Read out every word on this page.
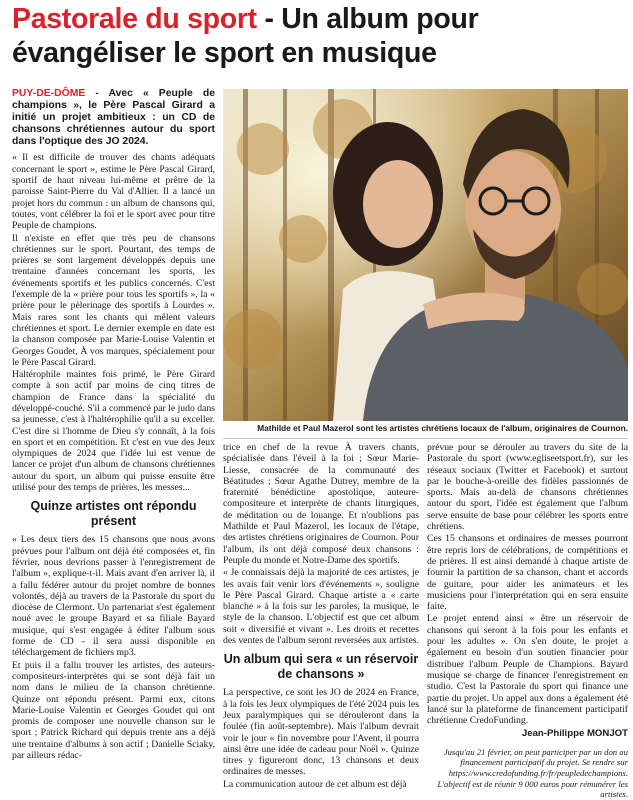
Pastorale du sport - Un album pour évangéliser le sport en musique
PUY-DE-DÔME - Avec « Peuple de champions », le Père Pascal Girard a initié un projet ambitieux : un CD de chansons chrétiennes autour du sport dans l'optique des JO 2024.

« Il est difficile de trouver des chants adéquats concernant le sport », estime le Père Pascal Girard, sportif de haut niveau lui-même et prêtre de la paroisse Saint-Pierre du Val d'Allier. Il a lancé un projet hors du commun : un album de chansons qui, toutes, vont célébrer la foi et le sport avec pour titre Peuple de champions.

Il n'existe en effet que très peu de chansons chrétiennes sur le sport. Pourtant, des temps de prières se sont largement développés depuis une trentaine d'années concernant les sports, les événements sportifs et les publics concernés. C'est l'exemple de la « prière pour tous les sportifs », la « prière pour le pèlerinage des sportifs à Lourdes ». Mais rares sont les chants qui mêlent valeurs chrétiennes et sport. Le dernier exemple en date est la chanson composée par Marie-Louise Valentin et Georges Goudet, À vos marques, spécialement pour le Père Pascal Girard.

Haltérophile maintes fois primé, le Père Girard compte à son actif par moins de cinq titres de champion de France dans la spécialité du développé-couché. S'il a commencé par le judo dans sa jeunesse, c'est à l'haltérophilie qu'il a su exceller. C'est dire si l'homme de Dieu s'y connaît, à la fois en sport et en compétition. Et c'est en vue des Jeux olympiques de 2024 que l'idée lui est venue de lancer ce projet d'un album de chansons chrétiennes autour du sport, un album qui puisse ensuite être utilisé pour des temps de prières, les messes...

Quinze artistes ont répondu présent

« Les deux tiers des 15 chansons que nous avons prévues pour l'album ont déjà été composées et, fin février, nous devrions passer à l'enregistrement de l'album », explique-t-il. Mais avant d'en arriver là, il a fallu fédérer autour du projet nombre de bonnes volontés, déjà au travers de la Pastorale du sport du diocèse de Clermont. Un partenariat s'est également noué avec le groupe Bayard et sa filiale Bayard musique, qui s'est engagée à éditer l'album sous forme de CD - il sera aussi disponible en téléchargement de fichiers mp3.

Et puis il a fallu trouver les artistes, des auteurs-compositeurs-interprètes qui se sont déjà fait un nom dans le milieu de la chanson chrétienne. Quinze ont répondu présent. Parmi eux, citons Marie-Louise Valentin et Georges Goudet qui ont promis de composer une nouvelle chanson sur le sport ; Patrick Richard qui depuis trente ans a déjà une trentaine d'albums à son actif ; Danielle Sciaky, par ailleurs rédac-

Mathilde et Paul Mazerol sont les artistes chrétiens locaux de l'album, originaires de Cournon.

trice en chef de la revue À travers chants, spécialisée dans l'éveil à la foi ; Sœur Marie-Liesse, consacrée de la communauté des Béatitudes ; Sœur Agathe Dutrey, membre de la fraternité bénédictine apostolique, auteure-compositeure et interprète de chants liturgiques, de méditation ou de louange. Et n'oublions pas Mathilde et Paul Mazerol, les locaux de l'étape, des artistes chrétiens originaires de Cournon. Pour l'album, ils ont déjà composé deux chansons : Peuple du monde et Notre-Dame des sportifs.

« Je connaissais déjà la majorité de ces artistes, je les avais fait venir lors d'événements », souligne le Père Pascal Girard. Chaque artiste a « carte blanche » à la fois sur les paroles, la musique, le style de la chanson. L'objectif est que cet album soit « diversifié et vivant ». Les droits et recettes des ventes de l'album seront reversées aux artistes.

Un album qui sera « un réservoir de chansons »

La perspective, ce sont les JO de 2024 en France, à la fois les Jeux olympiques de l'été 2024 puis les Jeux paralympiques qui se dérouleront dans la foulée (fin août-septembre). Mais l'album devrait voir le jour « fin novembre pour l'Avent, il pourra ainsi être une idée de cadeau pour Noël ». Quinze titres y figureront donc, 13 chansons et deux ordinaires de messes.

La communication autour de cet album est déjà

prévue pour se dérouler au travers du site de la Pastorale du sport (www.egliseetsport.fr), sur les réseaux sociaux (Twitter et Facebook) et surtout par le bouche-à-oreille des fidèles passionnés de sports. Mais au-delà de chansons chrétiennes autour du sport, l'idée est également que l'album serve ensuite de base pour célébrer les sports entre chrétiens.

Ces 15 chansons et ordinaires de messes pourront être repris lors de célébrations, de compétitions et de prières. Il est ainsi demandé à chaque artiste de fournir la partition de sa chanson, chant et accords de guitare, pour aider les animateurs et les musiciens pour l'interprétation qui en sera ensuite faite.

Le projet entend ainsi « être un réservoir de chansons qui seront à la fois pour les enfants et pour les adultes ». On s'en doute, le projet a également eu besoin d'un soutien financier pour distribuer l'album Peuple de Champions. Bayard musique se charge de financer l'enregistrement en studio. C'est la Pastorale du sport qui finance une partie du projet. Un appel aux dons a également été lancé sur la plateforme de financement participatif chrétienne CredoFunding.

Jean-Philippe MONJOT
Jusqu'au 21 février, on peut participer par un don au financement participatif du projet. Se rendre sur https://www.credofunding.fr/fr/peupledechampions. L'objectif est de réunir 9 000 euros pour rémunérer les artistes.
